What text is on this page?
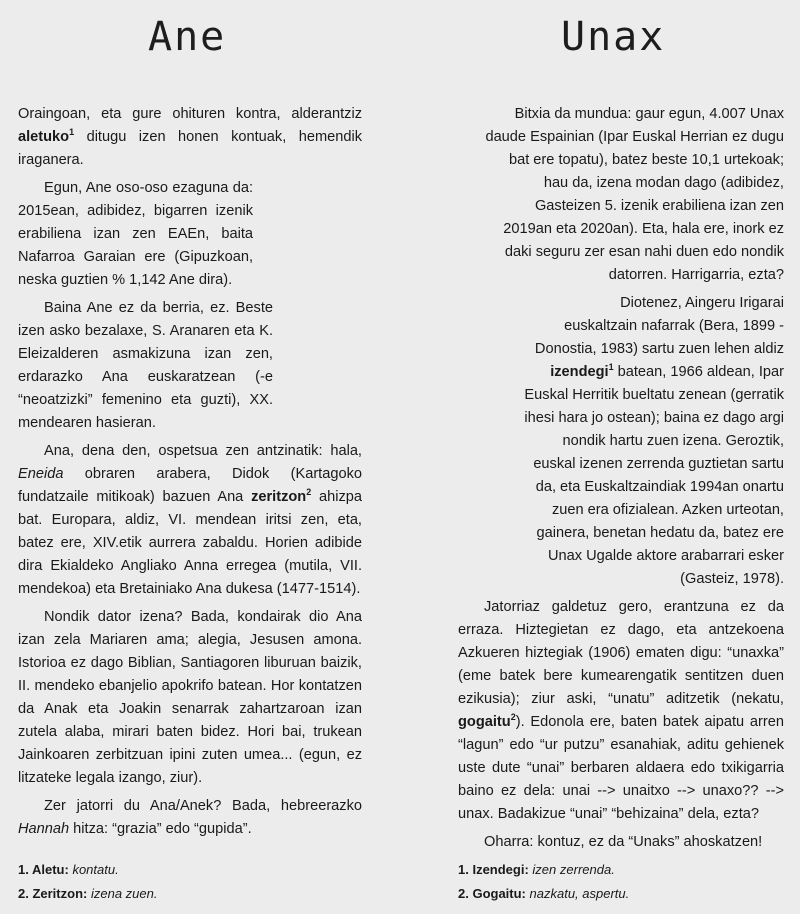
Ane	Unax

Oraingoan, eta gure ohituren kontra, alderantziz aletuko$^1$ ditugu izen honen kontuak, hemendik iraganera.

Egun, Ane oso-oso ezaguna da: 2015ean, adibidez, bigarren izenik erabiliena izan zen EAEn, baita Nafarroa Garaian ere (Gipuzkoan, neska guztien % 1,142 Ane dira).

Baina Ane ez da berria, ez. Beste izen asko bezalaxe, S. Aranaren eta K. Eleizalderen asmakizuna izan zen, erdarazko Ana euskaratzean (-e “neoatzizki” femenino eta guzti), XX. mendearen hasieran.

Ana, dena den, ospetsua zen antzinatik: hala, Eneida obraren arabera, Didok (Kartagoko fundatzaile mitikoak) bazuen Ana zeritzon$^2$ ahizpa bat. Europara, aldiz, VI. mendean iritsi zen, eta, batez ere, XIV.etik aurrera zabaldu. Horien adibide dira Ekialdeko Angliako Anna erregea (mutila, VII. mendekoa) eta Bretainiako Ana dukesa (1477-1514).

Nondik dator izena? Bada, kondairak dio Ana izan zela Mariaren ama; alegia, Jesusen amona. Istorioa ez dago Biblian, Santiagoren liburuan baizik, II. mendeko ebanjelio apokrifo batean. Hor kontatzen da Anak eta Joakin senarrak zahartzaroan izan zutela alaba, mirari baten bidez. Hori bai, trukean Jainkoaren zerbitzuan ipini zuten umea... (egun, ez litzateke legala izango, ziur).

Zer jatorri du Ana/Anek? Bada, hebreerazko Hannah hitza: “grazia” edo “gupida”.

Bitxia da mundua: gaur egun, 4.007 Unax daude Espainian (Ipar Euskal Herrian ez dugu bat ere topatu), batez beste 10,1 urtekoak; hau da, izena modan dago (adibidez, Gasteizen 5. izenik erabiliena izan zen 2019an eta 2020an). Eta, hala ere, inork ez daki seguru zer esan nahi duen edo nondik datorren. Harrigarria, ezta?

Diotenez, Aingeru Irigarai euskaltzain nafarrak (Bera, 1899 - Donostia, 1983) sartu zuen lehen aldiz izendegi$^1$ batean, 1966 aldean, Ipar Euskal Herritik bueltatu zenean (gerratik ihesi hara jo ostean); baina ez dago argi nondik hartu zuen izena. Geroztik, euskal izenen zerrenda guztietan sartu da, eta Euskaltzaindiak 1994an onartu zuen era ofizialean. Azken urteotan, gainera, benetan hedatu da, batez ere Unax Ugalde aktore arabarrari esker (Gasteiz, 1978).

Jatorriaz galdetuz gero, erantzuna ez da erraza. Hiztegietan ez dago, eta antzekoena Azkueren hiztegiak (1906) ematen digu: “unaxka” (eme batek bere kumearengatik sentitzen duen ezikusia); ziur aski, “unatu” aditzetik (nekatu, gogaitu$^2$). Edonola ere, baten batek aipatu arren “lagun” edo “ur putzu” esanahiak, aditu gehienek uste dute “unai” berbaren aldaera edo txikigarria baino ez dela: unai --> unaitxo --> unaxo?? --> unax. Badakizue “unai” “behizaina” dela, ezta?

Oharra: kontuz, ez da “Unaks” ahoskatzen!

1. Aletu: kontatu.
2. Zeritzon: izena zuen.
1. Izendegi: izen zerrenda.
2. Gogaitu: nazkatu, aspertu.
